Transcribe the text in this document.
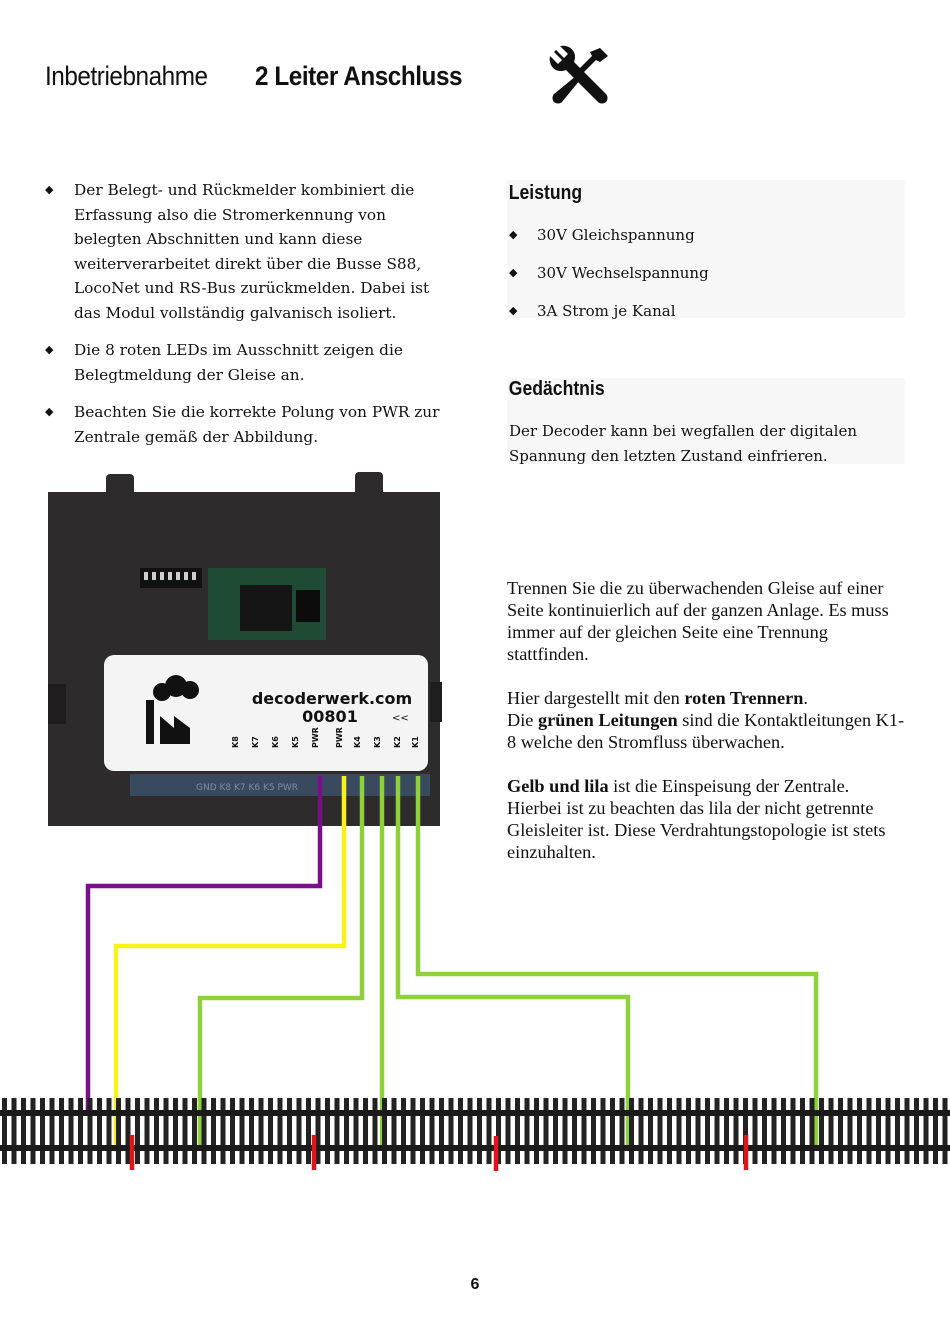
Inbetriebnahme 2 Leiter Anschluss
◆ Der Belegt- und Rückmelder kombiniert die Erfassung also die Stromerkennung von belegten Abschnitten und kann diese weiterverarbeitet direkt über die Busse S88, LocoNet und RS-Bus zurückmelden. Dabei ist das Modul vollständig galvanisch isoliert.
◆ Die 8 roten LEDs im Ausschnitt zeigen die Belegtmeldung der Gleise an.
◆ Beachten Sie die korrekte Polung von PWR zur Zentrale gemäß der Abbildung.
Leistung
◆ 30V Gleichspannung
◆ 30V Wechselspannung
◆ 3A Strom je Kanal
Gedächtnis

Der Decoder kann bei wegfallen der digitalen Spannung den letzten Zustand einfrieren.

Trennen Sie die zu überwachenden Gleise auf einer Seite kontinuierlich auf der ganzen Anlage. Es muss immer auf der gleichen Seite eine Trennung stattfinden.

Hier dargestellt mit den roten Trennern.
Die grünen Leitungen sind die Kontaktleitungen K1-8 welche den Stromfluss überwachen.

Gelb und lila ist die Einspeisung der Zentrale. Hierbei ist zu beachten das lila der nicht getrennte Gleisleiter ist. Diese Verdrahtungstopologie ist stets einzuhalten.

decoderwerk.com
00801	<<
K8 K7 K6 K5 PWR PWR K4 K3 K2 K1
GND K8 K7 K6 K5 PWR
6
